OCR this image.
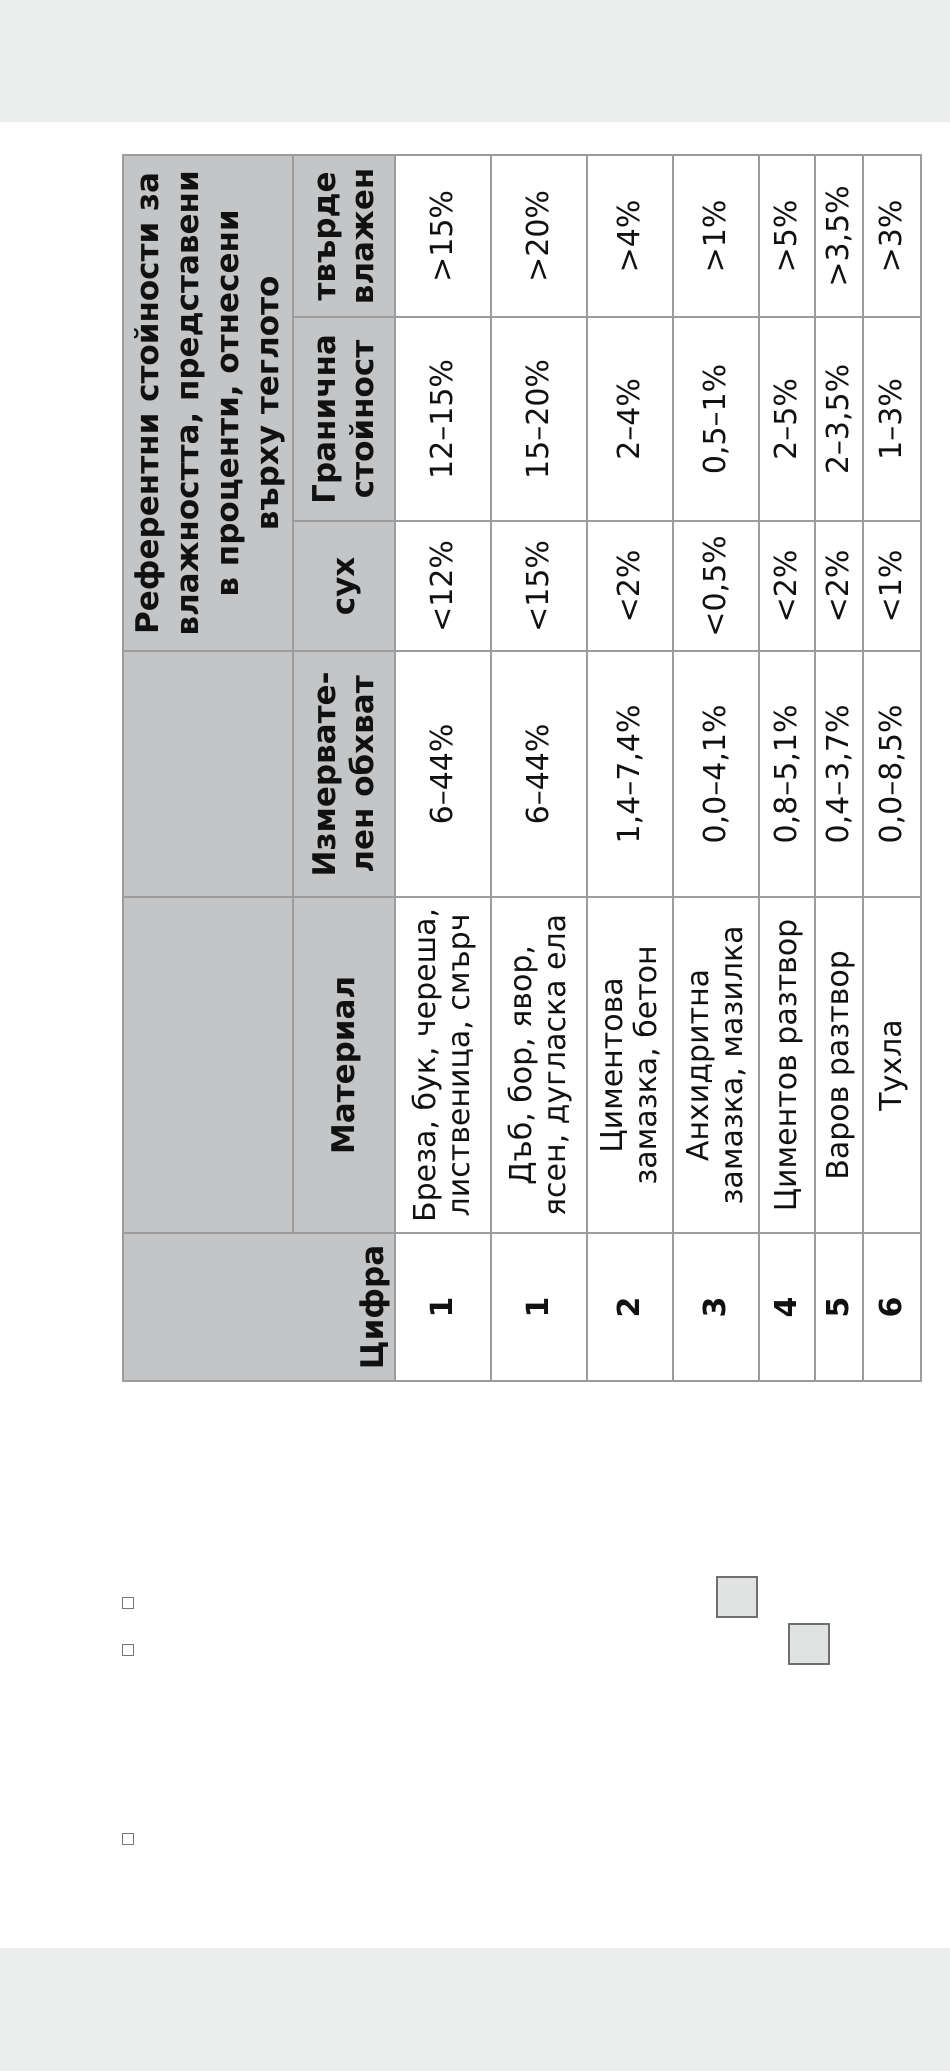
Цифра			Референтни стойности за влажността, представени в проценти, отнесени върху теглото		
	Материал	Измервате-лен обхват	сух	Гранична стойност	твърде влажен
1	Бреза, бук, череша, лиственица, смърч	6–44%	<12%	12–15%	>15%
1	Дъб, бор, явор, ясен, дугласка ела	6–44%	<15%	15–20%	>20%
2	Циментова замазка, бетон	1,4–7,4%	<2%	2–4%	>4%
3	Анхидритна замазка, мазилка	0,0–4,1%	<0,5%	0,5–1%	>1%
4	Циментов разтвор	0,8–5,1%	<2%	2–5%	>5%
5	Варов разтвор	0,4–3,7%	<2%	2–3,5%	>3,5%
6	Тухла	0,0–8,5%	<1%	1–3%	>3%
